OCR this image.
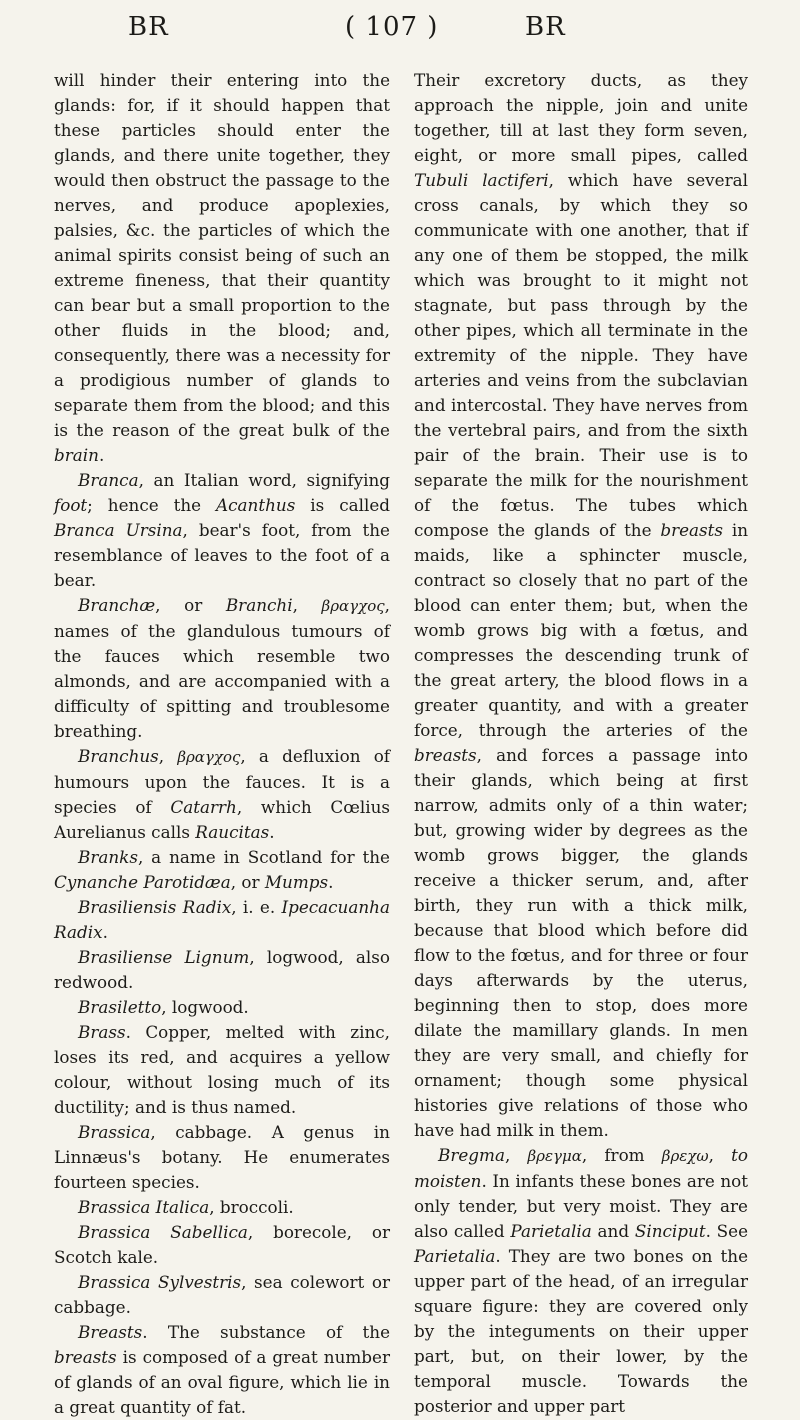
BR	( 107 )	BR

will hinder their entering into the glands: for, if it should happen that these particles should enter the glands, and there unite together, they would then obstruct the passage to the nerves, and produce apoplexies, palsies, &c. the particles of which the animal spirits consist being of such an extreme fineness, that their quantity can bear but a small proportion to the other fluids in the blood; and, consequently, there was a necessity for a prodigious number of glands to separate them from the blood; and this is the reason of the great bulk of the brain.

Branca, an Italian word, signifying foot; hence the Acanthus is called Branca Ursina, bear's foot, from the resemblance of leaves to the foot of a bear.

Branchæ, or Branchi, βραγχος, names of the glandulous tumours of the fauces which resemble two almonds, and are accompanied with a difficulty of spitting and troublesome breathing.

Branchus, βραγχος, a defluxion of humours upon the fauces. It is a species of Catarrh, which Cœlius Aurelianus calls Raucitas.

Branks, a name in Scotland for the Cynanche Parotidæa, or Mumps.

Brasiliensis Radix, i. e. Ipecacuanha Radix.

Brasiliense Lignum, logwood, also redwood.

Brasiletto, logwood.

Brass. Copper, melted with zinc, loses its red, and acquires a yellow colour, without losing much of its ductility; and is thus named.

Brassica, cabbage. A genus in Linnæus's botany. He enumerates fourteen species.

Brassica Italica, broccoli.

Brassica Sabellica, borecole, or Scotch kale.

Brassica Sylvestris, sea colewort or cabbage.

Breasts. The substance of the breasts is composed of a great number of glands of an oval figure, which lie in a great quantity of fat.

Their excretory ducts, as they approach the nipple, join and unite together, till at last they form seven, eight, or more small pipes, called Tubuli lactiferi, which have several cross canals, by which they so communicate with one another, that if any one of them be stopped, the milk which was brought to it might not stagnate, but pass through by the other pipes, which all terminate in the extremity of the nipple. They have arteries and veins from the subclavian and intercostal. They have nerves from the vertebral pairs, and from the sixth pair of the brain. Their use is to separate the milk for the nourishment of the fœtus. The tubes which compose the glands of the breasts in maids, like a sphincter muscle, contract so closely that no part of the blood can enter them; but, when the womb grows big with a fœtus, and compresses the descending trunk of the great artery, the blood flows in a greater quantity, and with a greater force, through the arteries of the breasts, and forces a passage into their glands, which being at first narrow, admits only of a thin water; but, growing wider by degrees as the womb grows bigger, the glands receive a thicker serum, and, after birth, they run with a thick milk, because that blood which before did flow to the fœtus, and for three or four days afterwards by the uterus, beginning then to stop, does more dilate the mamillary glands. In men they are very small, and chiefly for ornament; though some physical histories give relations of those who have had milk in them.

Bregma, βρεγμα, from βρεχω, to moisten. In infants these bones are not only tender, but very moist. They are also called Parietalia and Sinciput. See Parietalia. They are two bones on the upper part of the head, of an irregular square figure: they are covered only by the integuments on their upper part, but, on their lower, by the temporal muscle. Towards the posterior and upper part
